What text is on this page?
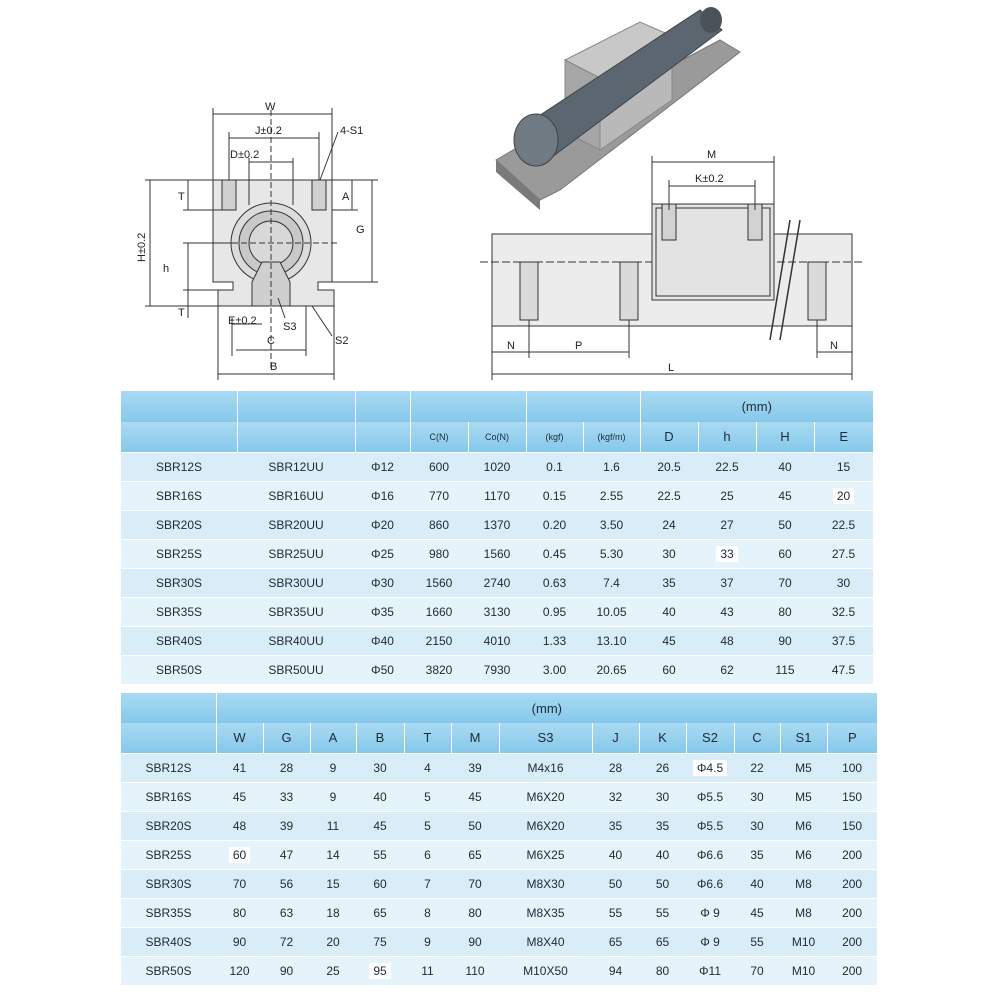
W
J±0.2	4-S1
D±0.2
T	A
G
H±0.2
h
T
E±0.2 S3
C	S2
B
M
K±0.2
N	P	N
L
							(mm)			
			C(N)	Co(N)	(kgf)	(kgf/m)	D	h	H	E
SBR12S	SBR12UU	Φ12	600	1020	0.1	1.6	20.5	22.5	40	15
SBR16S	SBR16UU	Φ16	770	1170	0.15	2.55	22.5	25	45	20
SBR20S	SBR20UU	Φ20	860	1370	0.20	3.50	24	27	50	22.5
SBR25S	SBR25UU	Φ25	980	1560	0.45	5.30	30	33	60	27.5
SBR30S	SBR30UU	Φ30	1560	2740	0.63	7.4	35	37	70	30
SBR35S	SBR35UU	Φ35	1660	3130	0.95	10.05	40	43	80	32.5
SBR40S	SBR40UU	Φ40	2150	4010	1.33	13.10	45	48	90	37.5
SBR50S	SBR50UU	Φ50	3820	7930	3.00	20.65	60	62	115	47.5
	(mm)												
	W	G	A	B	T	M	S3	J	K	S2	C	S1	P
SBR12S	41	28	9	30	4	39	M4x16	28	26	Φ4.5	22	M5	100
SBR16S	45	33	9	40	5	45	M6X20	32	30	Φ5.5	30	M5	150
SBR20S	48	39	11	45	5	50	M6X20	35	35	Φ5.5	30	M6	150
SBR25S	60	47	14	55	6	65	M6X25	40	40	Φ6.6	35	M6	200
SBR30S	70	56	15	60	7	70	M8X30	50	50	Φ6.6	40	M8	200
SBR35S	80	63	18	65	8	80	M8X35	55	55	Φ 9	45	M8	200
SBR40S	90	72	20	75	9	90	M8X40	65	65	Φ 9	55	M10	200
SBR50S	120	90	25	95	11	110	M10X50	94	80	Φ11	70	M10	200
